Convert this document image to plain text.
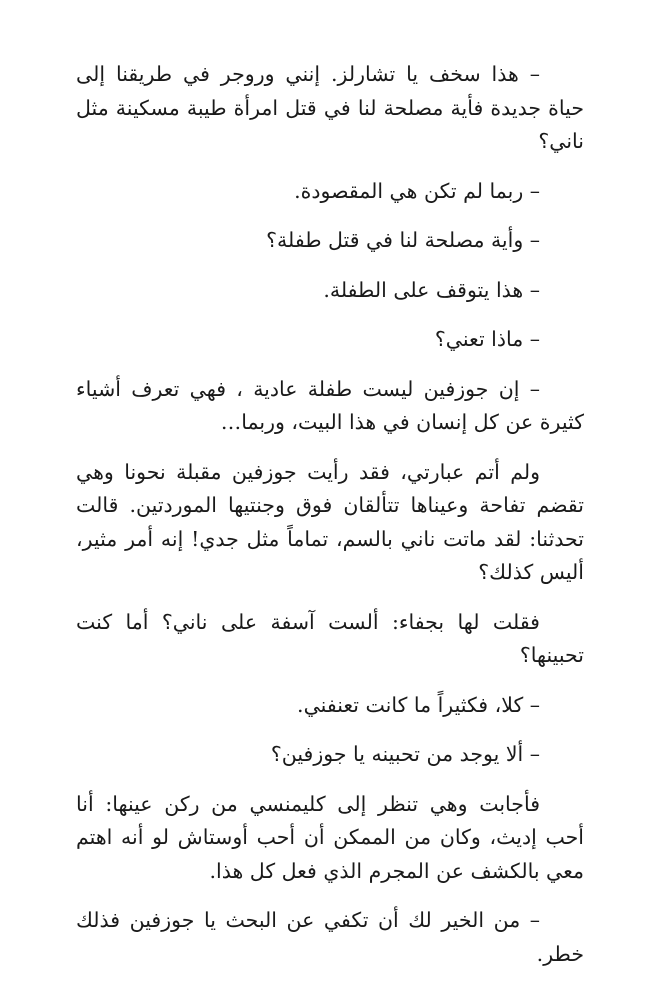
– هذا سخف يا تشارلز. إنني وروجر في طريقنا إلى حياة جديدة فأية مصلحة لنا في قتل امرأة طيبة مسكينة مثل ناني؟

– ربما لم تكن هي المقصودة.

– وأية مصلحة لنا في قتل طفلة؟

– هذا يتوقف على الطفلة.

– ماذا تعني؟

– إن جوزفين ليست طفلة عادية ، فهي تعرف أشياء كثيرة عن كل إنسان في هذا البيت، وربما…

ولم أتم عبارتي، فقد رأيت جوزفين مقبلة نحونا وهي تقضم تفاحة وعيناها تتألقان فوق وجنتيها الموردتين. قالت تحدثنا: لقد ماتت ناني بالسم، تماماً مثل جدي! إنه أمر مثير، أليس كذلك؟

فقلت لها بجفاء: ألست آسفة على ناني؟ أما كنت تحبينها؟

– كلا، فكثيراً ما كانت تعنفني.

– ألا يوجد من تحبينه يا جوزفين؟

فأجابت وهي تنظر إلى كليمنسي من ركن عينها: أنا أحب إديث، وكان من الممكن أن أحب أوستاش لو أنه اهتم معي بالكشف عن المجرم الذي فعل كل هذا.

– من الخير لك أن تكفي عن البحث يا جوزفين فذلك خطر.
